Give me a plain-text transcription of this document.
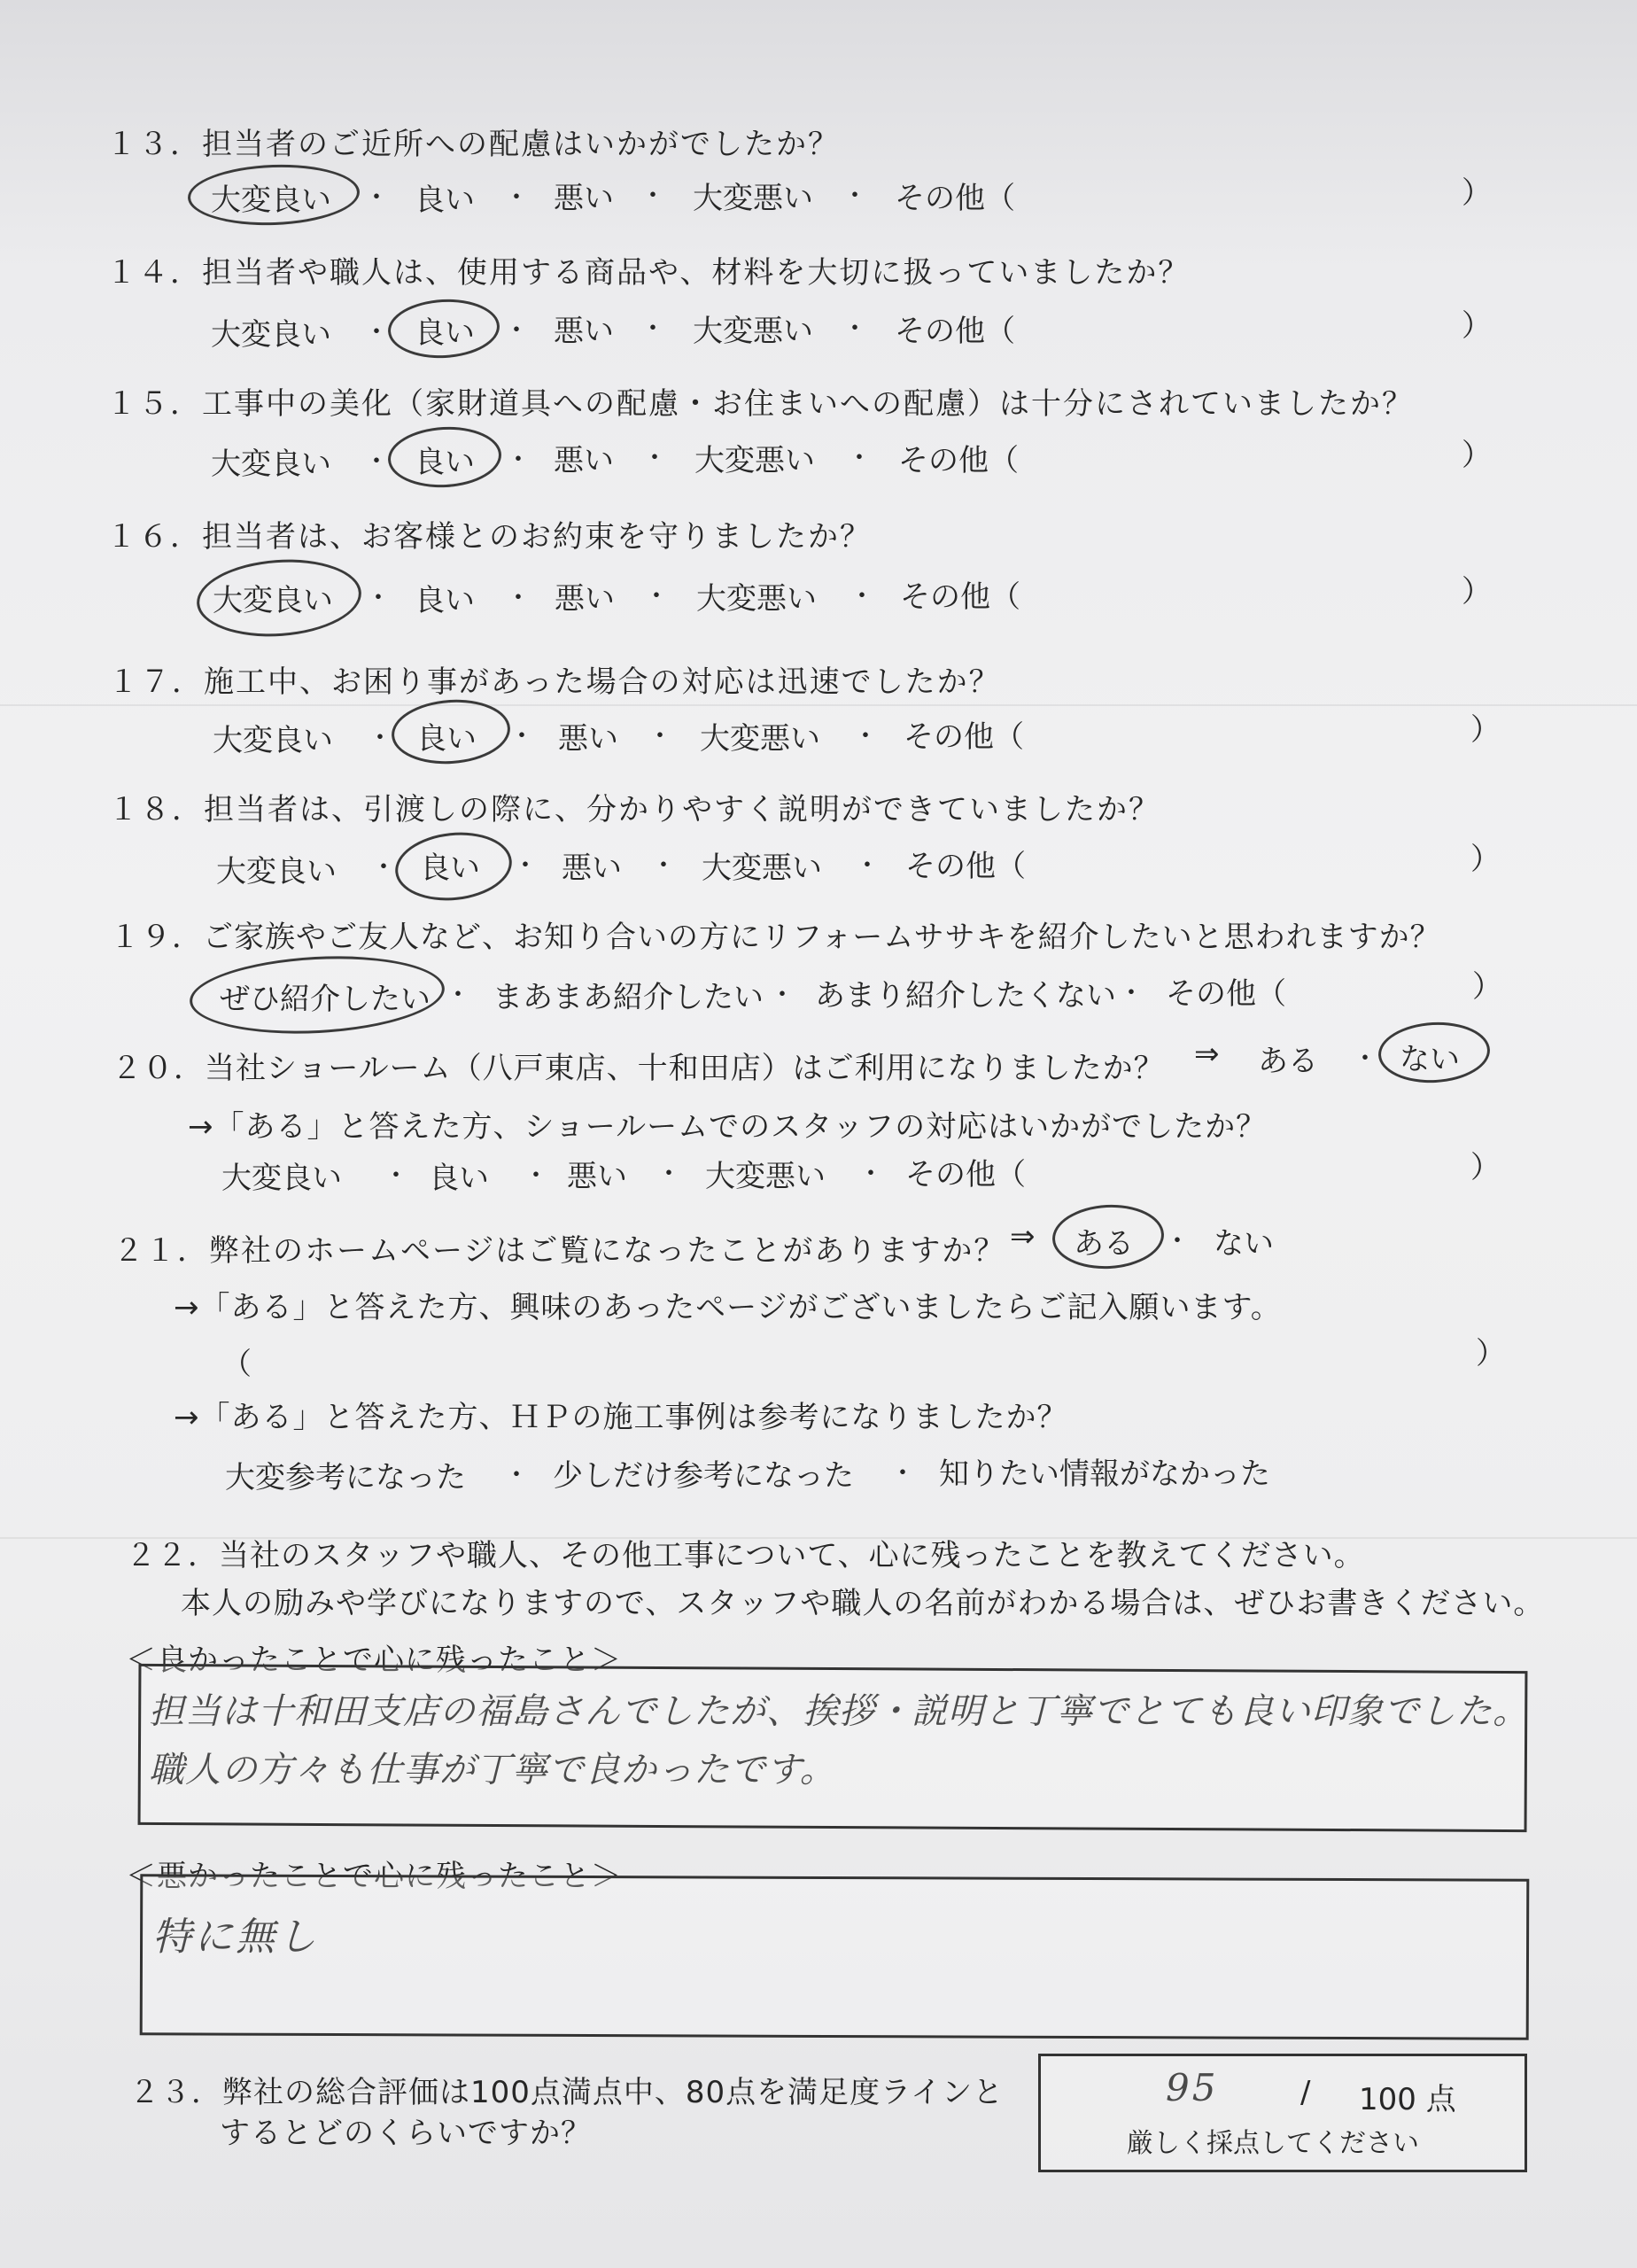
１３．担当者のご近所への配慮はいかがでしたか？
大変良い ・ 良い ・ 悪い ・ 大変悪い ・ その他（	）
１４．担当者や職人は、使用する商品や、材料を大切に扱っていましたか？
大変良い ・ 良い ・ 悪い ・ 大変悪い ・ その他（	）
１５．工事中の美化（家財道具への配慮・お住まいへの配慮）は十分にされていましたか？
大変良い ・ 良い ・ 悪い ・ 大変悪い ・ その他（	）
１６．担当者は、お客様とのお約束を守りましたか？
大変良い ・ 良い ・ 悪い ・ 大変悪い ・ その他（	）
１７．施工中、お困り事があった場合の対応は迅速でしたか？
大変良い ・ 良い ・ 悪い ・ 大変悪い ・ その他（	）
１８．担当者は、引渡しの際に、分かりやすく説明ができていましたか？
大変良い ・ 良い ・ 悪い ・ 大変悪い ・ その他（	）
１９．ご家族やご友人など、お知り合いの方にリフォームササキを紹介したいと思われますか？
ぜひ紹介したい ・ まあまあ紹介したい ・ あまり紹介したくない ・ その他（	）
２０．当社ショールーム（八戸東店、十和田店）はご利用になりましたか？ ⇒ ある ・ ない
→「ある」と答えた方、ショールームでのスタッフの対応はいかがでしたか？
大変良い ・ 良い ・ 悪い ・ 大変悪い ・ その他（	）
２１．弊社のホームページはご覧になったことがありますか？ ⇒ ある ・ ない
→「ある」と答えた方、興味のあったページがございましたらご記入願います。
（	）
→「ある」と答えた方、ＨＰの施工事例は参考になりましたか？
大変参考になった ・ 少しだけ参考になった ・ 知りたい情報がなかった
２２．当社のスタッフや職人、その他工事について、心に残ったことを教えてください。
本人の励みや学びになりますので、スタッフや職人の名前がわかる場合は、ぜひお書きください。
＜良かったことで心に残ったこと＞
担当は十和田支店の福島さんでしたが、挨拶・説明と丁寧でとても良い印象でした。
職人の方々も仕事が丁寧で良かったです。
＜悪かったことで心に残ったこと＞
特に無し
２３．弊社の総合評価は100点満点中、80点を満足度ラインと
するとどのくらいですか？
95	/ 100 点
厳しく採点してください
